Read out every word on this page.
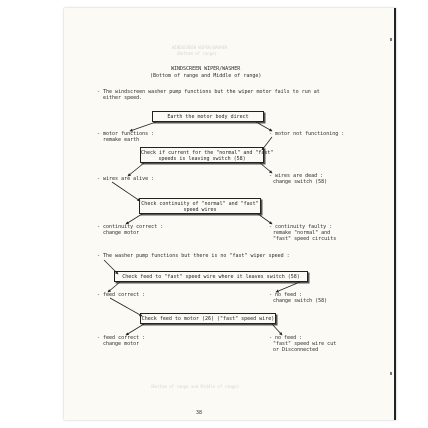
WINDSCREEN WIPER/WASHER
(Bottom of range)
(Bottom of range and Middle of range)
WINDSCREEN WIPER/WASHER
(Bottom of range and Middle of range)
- The windscreen washer pump functions but the wiper motor fails to run at
either speed.
Earth the motor body direct
- motor functions :
remake earth
- motor not functioning :
Check if current for the "normal" and "fast"
speeds is leaving switch (58)
- wires are alive :	- wires are dead :
change switch (58)
Check continuity of "normal" and "fast"
speed wires
- continuity correct :
change motor
- continuity faulty :
remake "normal" and
"fast" speed circuits
- The washer pump functions but there is no "fast" wiper speed :
Check feed to "fast" speed wire where it leaves switch (58)
- feed correct :	- no feed :
change switch (58)
Check feed to motor (26) ("fast" speed wire)
- feed correct :
change motor
- no feed :
"fast" speed wire cut
or Disconnected
38
